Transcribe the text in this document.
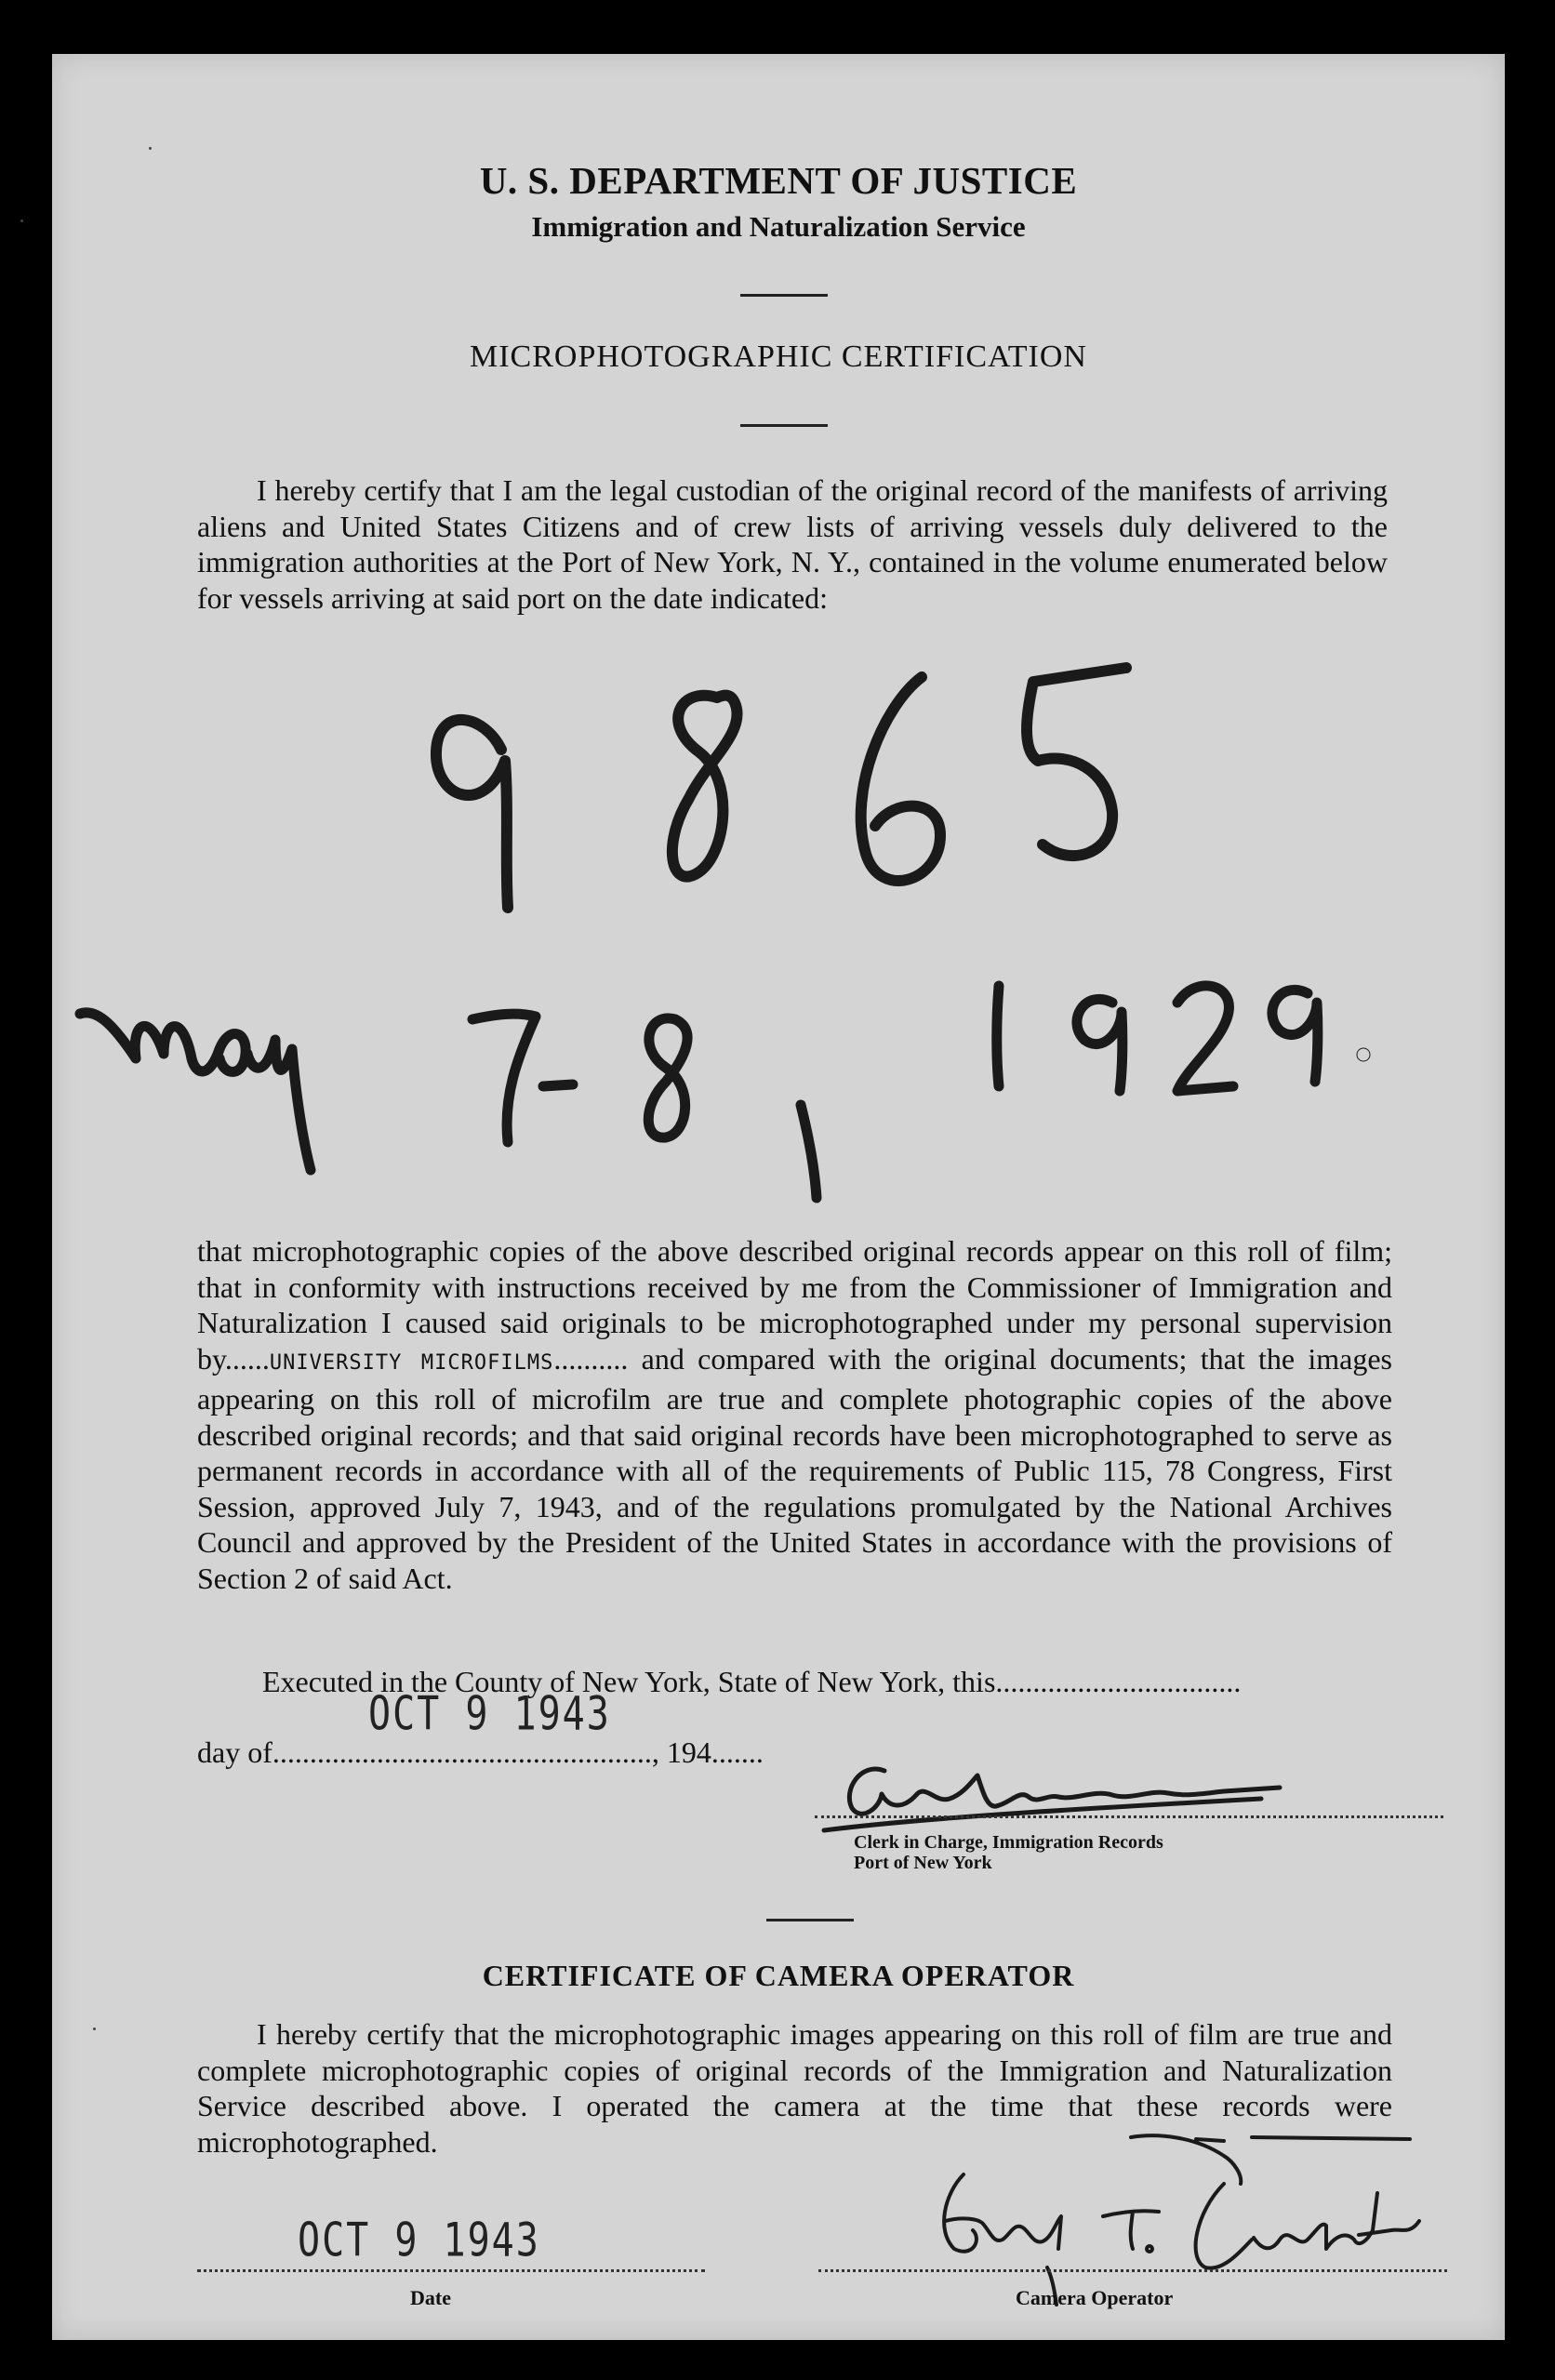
U. S. DEPARTMENT OF JUSTICE
Immigration and Naturalization Service
MICROPHOTOGRAPHIC CERTIFICATION
I hereby certify that I am the legal custodian of the original record of the manifests of arriving aliens and United States Citizens and of crew lists of arriving vessels duly delivered to the immigration authorities at the Port of New York, N. Y., contained in the volume enumerated below for vessels arriving at said port on the date indicated:
that microphotographic copies of the above described original records appear on this roll of film; that in conformity with instructions received by me from the Commissioner of Immigration and Naturalization I caused said originals to be microphotographed under my personal supervision by......UNIVERSITY MICROFILMS.......... and compared with the original documents; that the images appearing on this roll of microfilm are true and complete photographic copies of the above described original records; and that said original records have been microphotographed to serve as permanent records in accordance with all of the requirements of Public 115, 78 Congress, First Session, approved July 7, 1943, and of the regulations promulgated by the National Archives Council and approved by the President of the United States in accordance with the provisions of Section 2 of said Act.
Executed in the County of New York, State of New York, this.................................
OCT 9 1943
day of..................................................., 194.......
Clerk in Charge, Immigration Records
Port of New York
CERTIFICATE OF CAMERA OPERATOR
I hereby certify that the microphotographic images appearing on this roll of film are true and complete microphotographic copies of original records of the Immigration and Naturalization Service described above. I operated the camera at the time that these records were microphotographed.
OCT 9 1943
Date	Camera Operator
